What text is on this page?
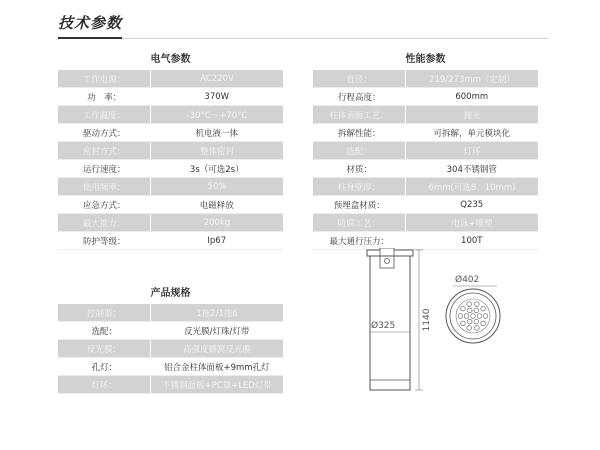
技术参数
电气参数
工作电源：	AC220V
功　率：	370W
工作温度：	-30°C～+70°C
驱动方式：	机电液一体
密封方式：	整体密封
运行速度：	3s（可选2s）
使用频率：	50%
应急方式：	电磁释放
最大推力：	200kg
防护等级：	Ip67
性能参数
直径：	219/273mm（定制）
行程高度：	600mm
柱体表面工艺：	抛光
拆解性能：	可拆解，单元模块化
选配：	灯环
材质：	304不锈钢管
柱身壁厚：	6mm(可选8、10mm)
预埋盒材质：	Q235
防腐工艺：	电泳+喷塑
最大通行压力：	100T
产品规格
控制器：	1拖2/1拖6
选配：	反光膜/灯珠/灯带
反光膜：	高强度蜂窝反光膜
孔灯：	铝合金柱体面板+9mm孔灯
灯环：	不锈钢面板+PC罩+LED灯带
Ø325	1140
Ø402
